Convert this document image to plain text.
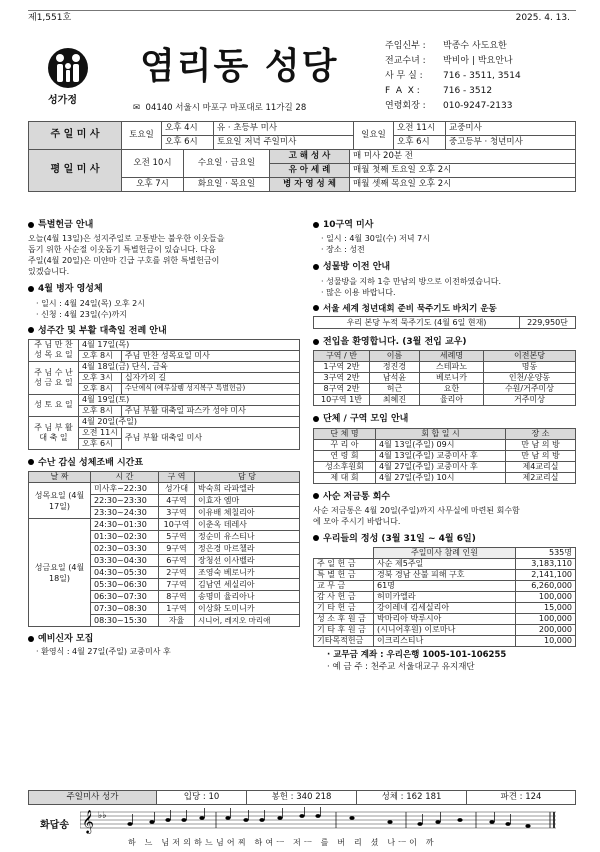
제1,551호	2025. 4. 13.
성가정
염리동 성당
✉ 04140 서울시 마포구 마포대로 11가길 28
주임신부 : 박종수 사도요한
전교수녀 : 박비아 | 박요안나
사 무 실 : 716 - 3511, 3514
F  A  X :	716 - 3512
연령회장 : 010-9247-2133
주 일 미 사	토요일	오후 4시	유 · 초등부 미사	일요일	오전 11시	교중미사
		오후 6시	토요일 저녁 주일미사		오후 6시	중고등부 · 청년미사
평 일 미 사	오전 10시	수요일 · 금요일	고 해 성 사	매 미사 20분 전
			유 아 세 례	매월 첫째 토요일 오후 2시
	오후 7시	화요일 · 목요일	병 자 영 성 체	매월 셋째 목요일 오후 2시
특별헌금 안내
오늘(4월 13일)은 성지주일로 고통받는 불우한 이웃들을
돕기 위한 사순절 이웃돕기 특별헌금이 있습니다. 다음
주일(4월 20일)은 미얀마 긴급 구호를 위한 특별헌금이
있겠습니다.
4월 병자 영성체
· 일시 : 4월 24일(목) 오후 2시
· 신청 : 4월 23일(수)까지
성주간 및 부활 대축일 전례 안내
주 님 만 찬 성 목 요 일	4월 17일(목)	
	오후 8시	주님 만찬 성목요일 미사
주 님 수 난 성 금 요 일	4월 18일(금) 단식, 금육	
	오후 3시	십자가의 길
	오후 8시	수난예식 (예루살렘 성지복구 특별헌금)
성 토 요 일	4월 19일(토)	
	오후 8시	주님 부활 대축일 파스카 성야 미사
주 님 부 활 대 축 일	4월 20일(주일)	
	오전 11시	주님 부활 대축일 미사
	오후 6시	
수난 감실 성체조배 시간표
날 짜	시 간	구 역	담 당
성목요일 (4월 17일)	미사후~22:30	성가대	박숙희 라파엘라
	22:30~23:30	4구역	이효자 엠마
	23:30~24:30	3구역	이유배 체칠리아
성금요일 (4월 18일)	24:30~01:30	10구역	이춘옥 데레사
	01:30~02:30	5구역	정순미 유스티나
	02:30~03:30	9구역	정은경 마르첼라
	03:30~04:30	6구역	장청선 이사벨라
	04:30~05:30	2구역	조영숙 베로니카
	05:30~06:30	7구역	김남연 세실리아
	06:30~07:30	8구역	송명미 율리아나
	07:30~08:30	1구역	이상화 도미니카
	08:30~15:30	자율	시니어, 레지오 마리애
예비신자 모집
· 환영식 : 4월 27일(주일) 교중미사 후
10구역 미사
· 일시 : 4월 30일(수) 저녁 7시
· 장소 : 성전
성물방 이전 안내
· 성물방을 지하 1층 만남의 방으로 이전하였습니다.
· 많은 이용 바랍니다.
서울 세계 청년대회 준비 묵주기도 바치기 운동
우리 본당 누적 묵주기도 (4월 6일 현재)	229,950단
전입을 환영합니다. (3월 전입 교우)
구역 / 반	이름	세례명	이전본당
1구역 2반	정진경	스테파노	명동
3구역 2반	남석윤	베로니카	인천/운양동
8구역 2반	허근	요한	수원/거주미상
10구역 1반	최혜진	율리아	거주미상
단체 / 구역 모임 안내
단 체 명	회 합 일 시	장 소
꾸 리 아	4월 13일(주일) 09시	만 남 의 방
연 령 회	4월 13일(주일) 교중미사 후	만 남 의 방
성소후원회	4월 27일(주일) 교중미사 후	제4교리실
제 대 회	4월 27일(주일) 10시	제2교리실
사순 저금통 회수
사순 저금통은 4월 20일(주일)까지 사무실에 마련된 회수함
에 모아 주시기 바랍니다.
우리들의 정성 (3월 31일 ~ 4월 6일)
	주일미사 참례 인원	535명
주 일 헌 금	사순 제5주일	3,183,110
특 별 헌 금	경북 경남 산불 피해 구호	2,141,100
교 무 금	61명	6,260,000
감 사 헌 금	허미카엘라	100,000
기 타 헌 금	강이레네 김세실리아	15,000
성 소 후 원 금	박마리아 박루시아	100,000
기 타 후 원 금	(시니어후원) 이로마나	200,000
기타목적헌금	이크리스티나	10,000
· 교무금 계좌 : 우리은행 1005-101-106255
· 예 금 주 : 천주교 서울대교구 유지재단
주일미사 성가	입당 : 10	봉헌 : 340 218	성체 : 162 181	파견 : 124
화답송 𝄞 ♭♭
하 느 님저의하느님어찌 하여ㅡ 저ㅡ 를 버 리 셨 나ㅡ이 까
